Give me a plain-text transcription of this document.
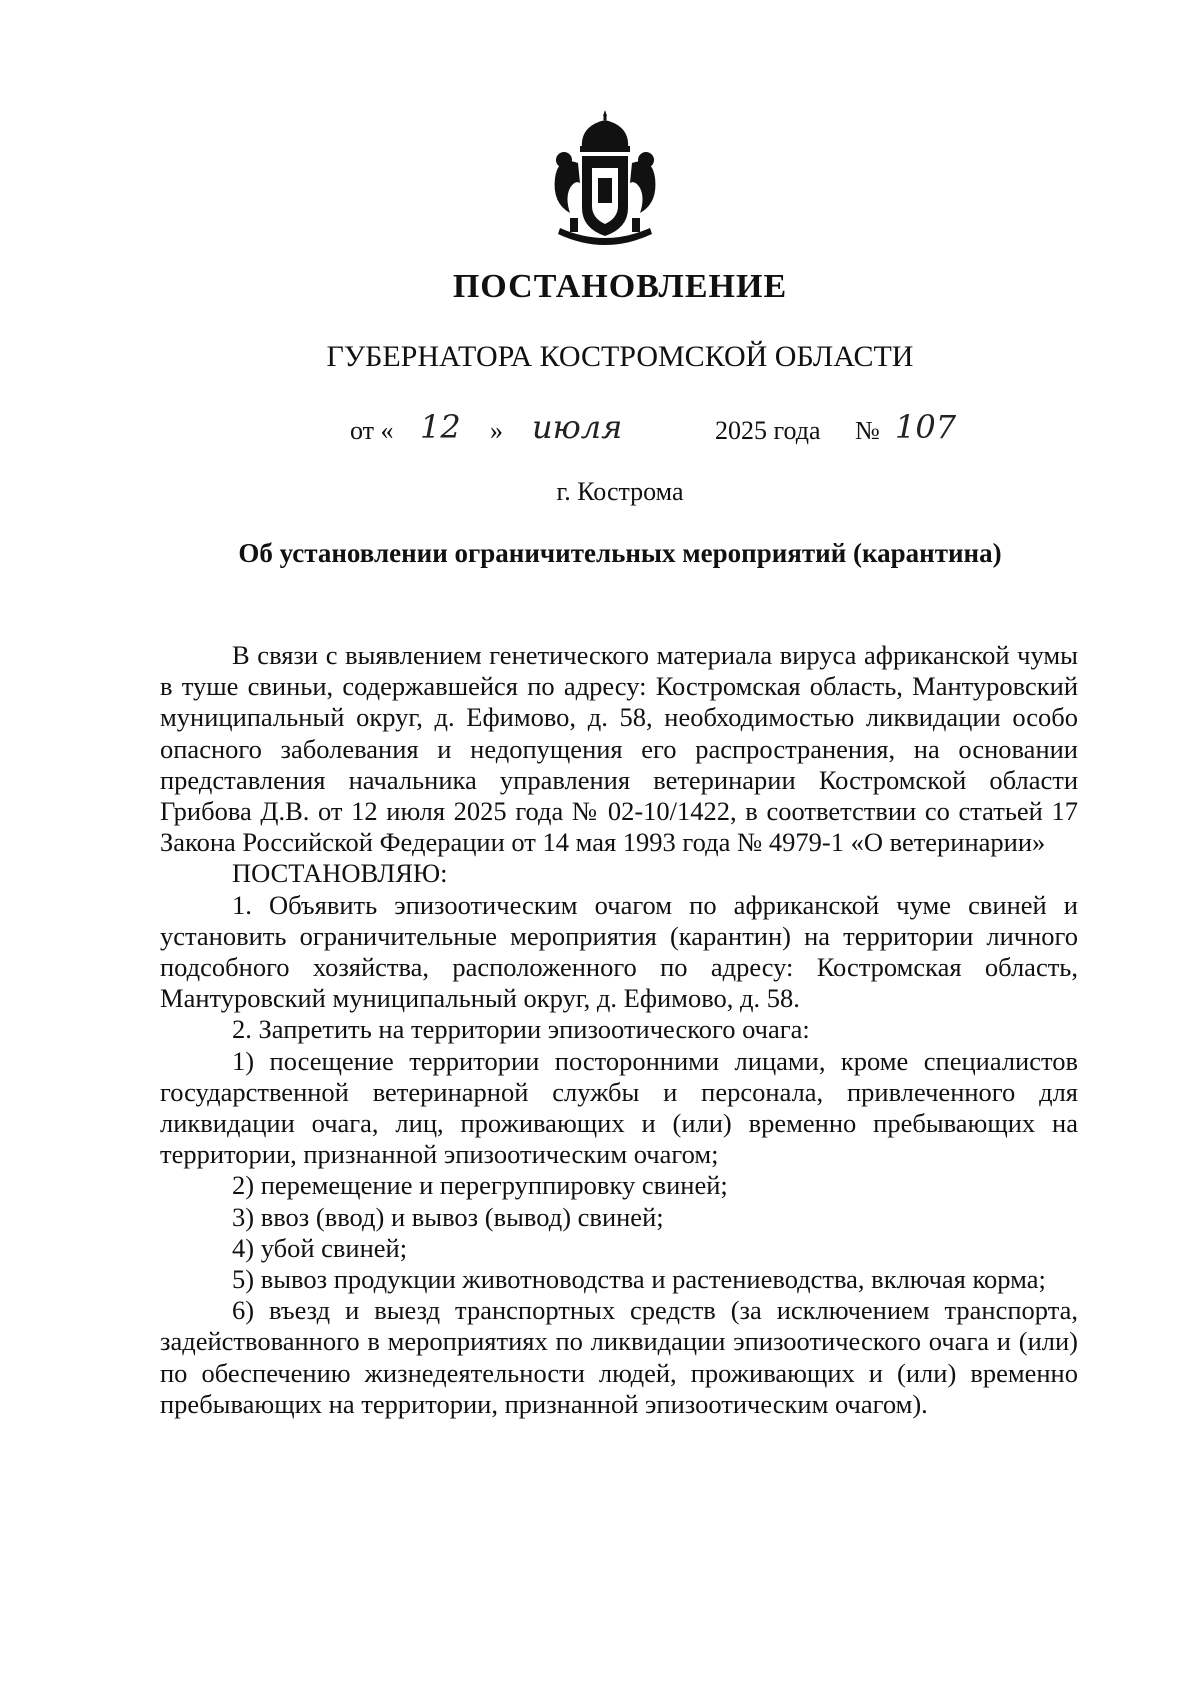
ПОСТАНОВЛЕНИЕ
ГУБЕРНАТОРА КОСТРОМСКОЙ ОБЛАСТИ
от « 12 » июля	2025 года № 107
г. Кострома
Об установлении ограничительных мероприятий (карантина)

В связи с выявлением генетического материала вируса африканской чумы в туше свиньи, содержавшейся по адресу: Костромская область, Мантуровский муниципальный округ, д. Ефимово, д. 58, необходимостью ликвидации особо опасного заболевания и недопущения его распространения, на основании представления начальника управления ветеринарии Костромской области Грибова Д.В. от 12 июля 2025 года № 02-10/1422, в соответствии со статьей 17 Закона Российской Федерации от 14 мая 1993 года № 4979-1 «О ветеринарии»

ПОСТАНОВЛЯЮ:

1. Объявить эпизоотическим очагом по африканской чуме свиней и установить ограничительные мероприятия (карантин) на территории личного подсобного хозяйства, расположенного по адресу: Костромская область, Мантуровский муниципальный округ, д. Ефимово, д. 58.

2. Запретить на территории эпизоотического очага:

1) посещение территории посторонними лицами, кроме специалистов государственной ветеринарной службы и персонала, привлеченного для ликвидации очага, лиц, проживающих и (или) временно пребывающих на территории, признанной эпизоотическим очагом;

2) перемещение и перегруппировку свиней;

3) ввоз (ввод) и вывоз (вывод) свиней;

4) убой свиней;

5) вывоз продукции животноводства и растениеводства, включая корма;

6) въезд и выезд транспортных средств (за исключением транспорта, задействованного в мероприятиях по ликвидации эпизоотического очага и (или) по обеспечению жизнедеятельности людей, проживающих и (или) временно пребывающих на территории, признанной эпизоотическим очагом).
